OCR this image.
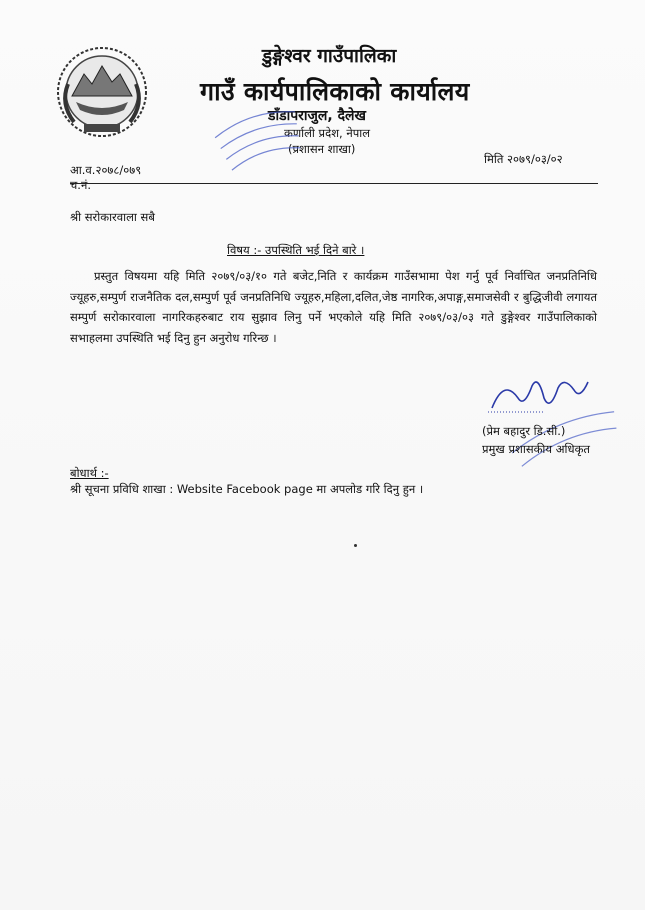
डुङ्गेश्वर गाउँपालिका
गाउँ कार्यपालिकाको कार्यालय
डाँडापराजुल, दैलेख
कर्णाली प्रदेश, नेपाल
(प्रशासन शाखा)
आ.व.२०७८/०७९
च.नं.
मिति २०७९/०३/०२
श्री सरोकारवाला सबै
विषय :- उपस्थिति भई दिने बारे ।
प्रस्तुत विषयमा यहि मिति २०७९/०३/१० गते बजेट,निति र कार्यक्रम गाउँसभामा पेश गर्नु पूर्व निर्वाचित जनप्रतिनिधि ज्यूहरु,सम्पुर्ण राजनैतिक दल,सम्पुर्ण पूर्व जनप्रतिनिधि ज्यूहरु,महिला,दलित,जेष्ठ नागरिक,अपाङ्ग,समाजसेवी र बुद्धिजीवी लगायत सम्पुर्ण सरोकारवाला नागरिकहरुबाट राय सुझाव लिनु पर्ने भएकोले यहि मिति २०७९/०३/०३ गते डुङ्गेश्वर गाउँपालिकाको सभाहलमा उपस्थिति भई दिनु हुन अनुरोध गरिन्छ ।
(प्रेम बहादुर डि.सी.)
प्रमुख प्रशासकीय अधिकृत
बोधार्थ :-
श्री सूचना प्रविधि शाखा : Website Facebook page मा अपलोड गरि दिनु हुन ।
